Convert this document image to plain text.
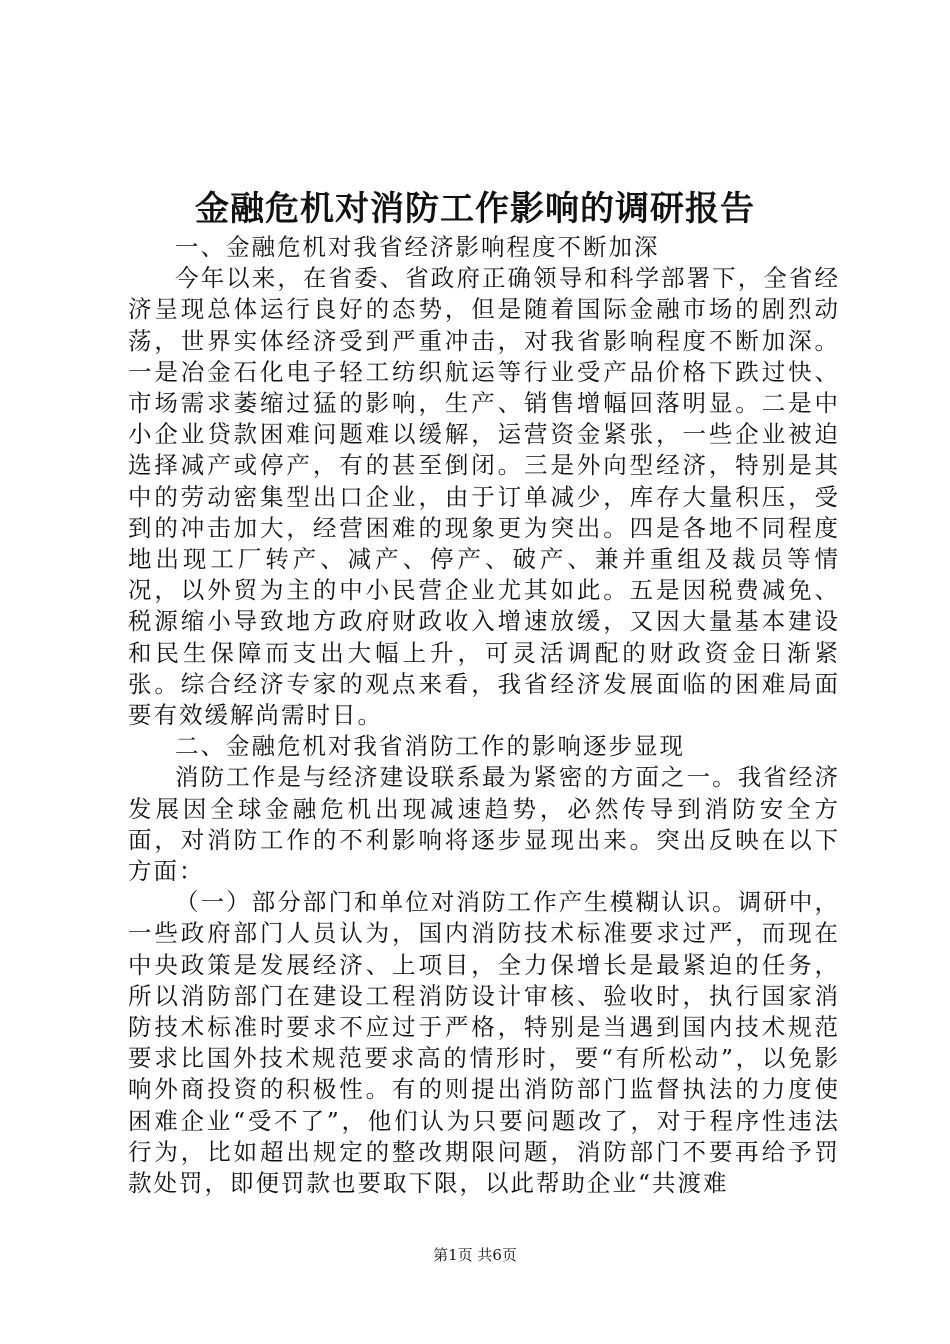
金融危机对消防工作影响的调研报告

一、金融危机对我省经济影响程度不断加深

今年以来，在省委、省政府正确领导和科学部署下，全省经济呈现总体运行良好的态势，但是随着国际金融市场的剧烈动荡，世界实体经济受到严重冲击，对我省影响程度不断加深。一是冶金石化电子轻工纺织航运等行业受产品价格下跌过快、市场需求萎缩过猛的影响，生产、销售增幅回落明显。二是中小企业贷款困难问题难以缓解，运营资金紧张，一些企业被迫选择减产或停产，有的甚至倒闭。三是外向型经济，特别是其中的劳动密集型出口企业，由于订单减少，库存大量积压，受到的冲击加大，经营困难的现象更为突出。四是各地不同程度地出现工厂转产、减产、停产、破产、兼并重组及裁员等情况，以外贸为主的中小民营企业尤其如此。五是因税费减免、税源缩小导致地方政府财政收入增速放缓，又因大量基本建设和民生保障而支出大幅上升，可灵活调配的财政资金日渐紧张。综合经济专家的观点来看，我省经济发展面临的困难局面要有效缓解尚需时日。

二、金融危机对我省消防工作的影响逐步显现

消防工作是与经济建设联系最为紧密的方面之一。我省经济发展因全球金融危机出现减速趋势，必然传导到消防安全方面，对消防工作的不利影响将逐步显现出来。突出反映在以下方面：

（一）部分部门和单位对消防工作产生模糊认识。调研中，一些政府部门人员认为，国内消防技术标准要求过严，而现在中央政策是发展经济、上项目，全力保增长是最紧迫的任务，所以消防部门在建设工程消防设计审核、验收时，执行国家消防技术标准时要求不应过于严格，特别是当遇到国内技术规范要求比国外技术规范要求高的情形时，要“有所松动”，以免影响外商投资的积极性。有的则提出消防部门监督执法的力度使困难企业“受不了”，他们认为只要问题改了，对于程序性违法行为，比如超出规定的整改期限问题，消防部门不要再给予罚款处罚，即便罚款也要取下限，以此帮助企业“共渡难

第1页 共6页
